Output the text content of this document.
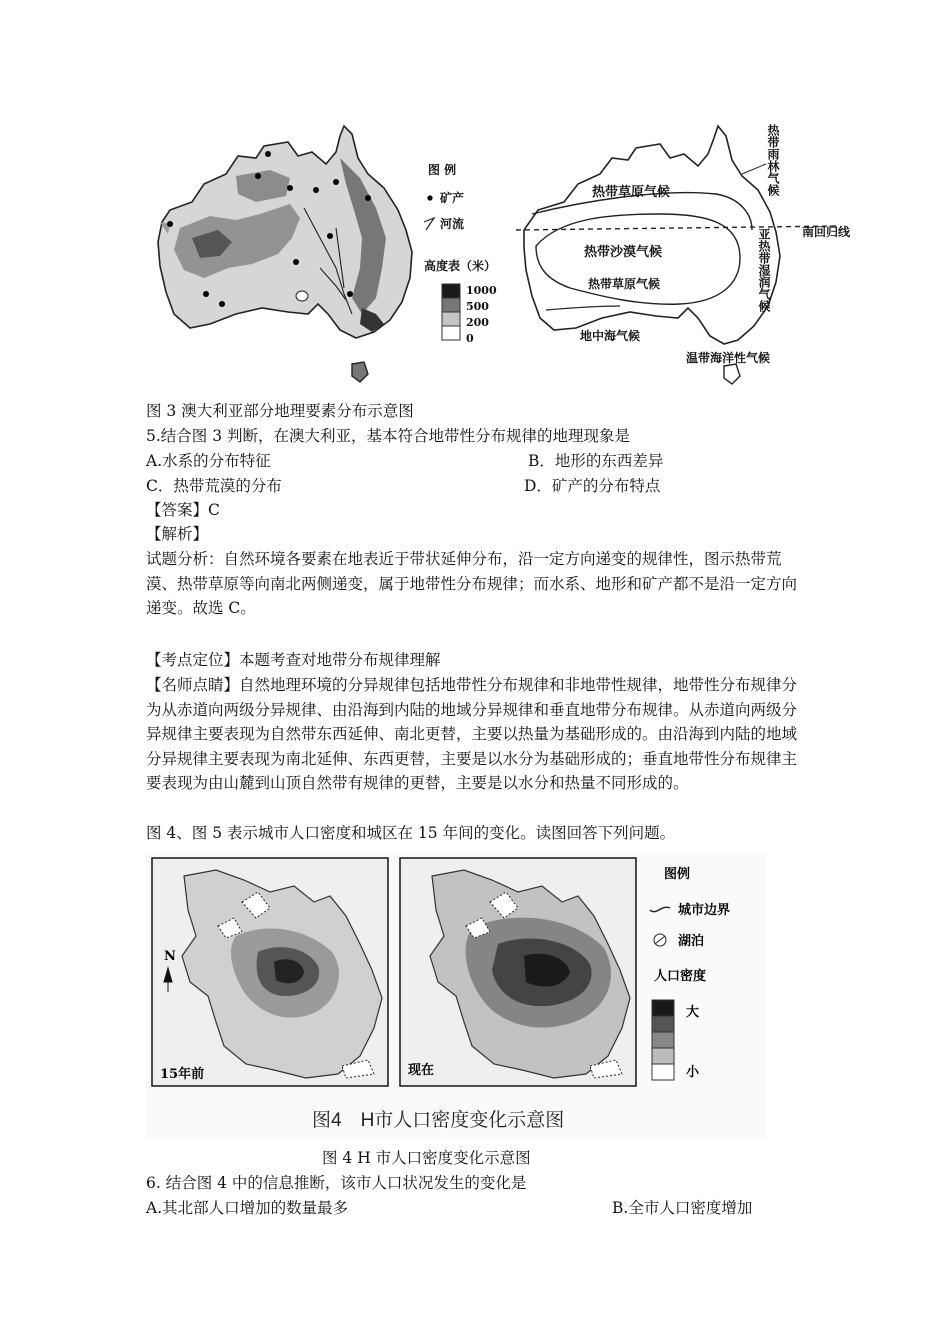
图 例
矿产
河流
高度表（米）
1000
500
200
0
热带草原气候
热带沙漠气候
热带草原气候
地中海气候
温带海洋性气候
南回归线
热带雨林气候
亚热带湿润气候
图 3 澳大利亚部分地理要素分布示意图
5.结合图 3 判断，在澳大利亚，基本符合地带性分布规律的地理现象是
A.水系的分布特征	B．地形的东西差异
C．热带荒漠的分布	D．矿产的分布特点
【答案】C
【解析】
试题分析：自然环境各要素在地表近于带状延伸分布，沿一定方向递变的规律性，图示热带荒漠、热带草原等向南北两侧递变，属于地带性分布规律；而水系、地形和矿产都不是沿一定方向递变。故选 C。
【考点定位】本题考查对地带分布规律理解
【名师点睛】自然地理环境的分异规律包括地带性分布规律和非地带性规律，地带性分布规律分为从赤道向两级分异规律、由沿海到内陆的地域分异规律和垂直地带分布规律。从赤道向两级分异规律主要表现为自然带东西延伸、南北更替，主要以热量为基础形成的。由沿海到内陆的地域分异规律主要表现为南北延伸、东西更替，主要是以水分为基础形成的；垂直地带性分布规律主要表现为由山麓到山顶自然带有规律的更替，主要是以水分和热量不同形成的。
图 4、图 5 表示城市人口密度和城区在 15 年间的变化。读图回答下列问题。
N
15年前	现在
图例
城市边界
湖泊
人口密度
大
小
图4　H市人口密度变化示意图
图 4 H 市人口密度变化示意图
6. 结合图 4 中的信息推断，该市人口状况发生的变化是
A.其北部人口增加的数量最多	B.全市人口密度增加
